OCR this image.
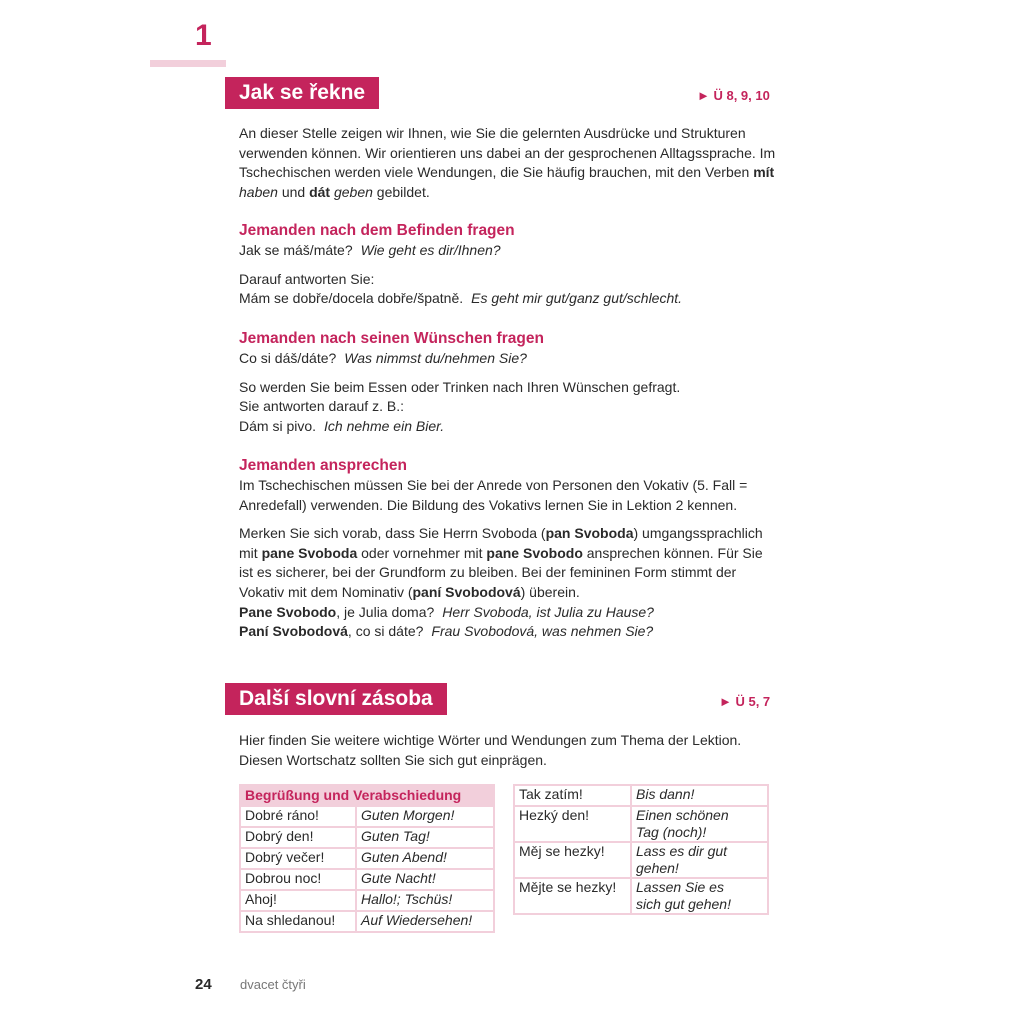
1
Jak se řekne	► Ü 8, 9, 10

An dieser Stelle zeigen wir Ihnen, wie Sie die gelernten Ausdrücke und Strukturen verwenden können. Wir orientieren uns dabei an der gesprochenen Alltagssprache. Im Tschechischen werden viele Wendungen, die Sie häufig brauchen, mit den Verben mít haben und dát geben gebildet.

Jemanden nach dem Befinden fragen

Jak se máš/máte? Wie geht es dir/Ihnen?

Darauf antworten Sie:

Mám se dobře/docela dobře/špatně. Es geht mir gut/ganz gut/schlecht.

Jemanden nach seinen Wünschen fragen

Co si dáš/dáte? Was nimmst du/nehmen Sie?

So werden Sie beim Essen oder Trinken nach Ihren Wünschen gefragt.

Sie antworten darauf z. B.:

Dám si pivo. Ich nehme ein Bier.

Jemanden ansprechen

Im Tschechischen müssen Sie bei der Anrede von Personen den Vokativ (5. Fall = Anredefall) verwenden. Die Bildung des Vokativs lernen Sie in Lektion 2 kennen.

Merken Sie sich vorab, dass Sie Herrn Svoboda (pan Svoboda) umgangssprachlich mit pane Svoboda oder vornehmer mit pane Svobodo ansprechen können. Für Sie ist es sicherer, bei der Grundform zu bleiben. Bei der femininen Form stimmt der Vokativ mit dem Nominativ (paní Svobodová) überein.

Pane Svobodo, je Julia doma? Herr Svoboda, ist Julia zu Hause?

Paní Svobodová, co si dáte? Frau Svobodová, was nehmen Sie?

Další slovní zásoba	► Ü 5, 7
Hier finden Sie weitere wichtige Wörter und Wendungen zum Thema der Lektion. Diesen Wortschatz sollten Sie sich gut einprägen.
Begrüßung und Verabschiedung	
Dobré ráno!	Guten Morgen!
Dobrý den!	Guten Tag!
Dobrý večer!	Guten Abend!
Dobrou noc!	Gute Nacht!
Ahoj!	Hallo!; Tschüs!
Na shledanou!	Auf Wiedersehen!
Tak zatím!	Bis dann!

Hezký den!	Einen schönen
Tag (noch)!

Měj se hezky!	Lass es dir gut
gehen!

Mějte se hezky!	Lassen Sie es
sich gut gehen!
24 dvacet čtyři
